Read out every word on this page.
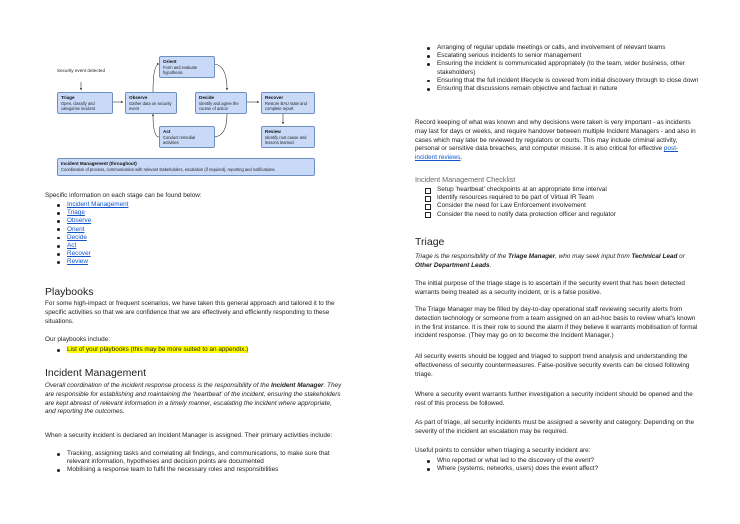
Security event detected
Triage
Open, classify and categorise incident
Observe
Gather data on security event
Orient
Form and evaluate hypothesis
Decide
Identify and agree the course of action
Act
Conduct remedial activities
Recover
Restore BAU state and complete report
Review
Identify root cause and lessons learned
Incident Management (throughout)
Coordination of process, communication with relevant stakeholders, escalation (if required), reporting and notifications.

Specific information on each stage can be found below:

Incident Management
Triage
Observe
Orient
Decide
Act
Recover
Review
Playbooks

For some high-impact or frequent scenarios, we have taken this general approach and tailored it to the specific activities so that we are confidence that we are effectively and efficiently responding to these situations.

Our playbooks include:

List of your playbooks (this may be more suited to an appendix.)
Incident Management

Overall coordination of the incident response process is the responsibility of the Incident Manager. They are responsible for establishing and maintaining the 'heartbeat' of the incident, ensuring the stakeholders are kept abreast of relevant information in a timely manner, escalating the incident where appropriate, and reporting the outcomes.

When a security incident is declared an Incident Manager is assigned. Their primary activities include:

Tracking, assigning tasks and correlating all findings, and communications, to make sure that relevant information, hypotheses and decision points are documented
Mobilising a response team to fulfil the necessary roles and responsibilities
Arranging of regular update meetings or calls, and involvement of relevant teams
Escalating serious incidents to senior management
Ensuring the incident is communicated appropriately (to the team, wider business, other stakeholders)
Ensuring that the full incident lifecycle is covered from initial discovery through to close down
Ensuring that discussions remain objective and factual in nature

Record keeping of what was known and why decisions were taken is very important - as incidents may last for days or weeks, and require handover between multiple Incident Managers - and also in cases which may later be reviewed by regulators or courts. This may include criminal activity, personal or sensitive data breaches, and computer misuse. It is also critical for effective post-incident reviews.

Incident Management Checklist
Setup 'heartbeat' checkpoints at an appropriate time interval
Identify resources required to be part of Virtual IR Team
Consider the need for Law Enforcement involvement
Consider the need to notify data protection officer and regulator
Triage

Triage is the responsibility of the Triage Manager, who may seek input from Technical Lead or Other Department Leads.

The initial purpose of the triage stage is to ascertain if the security event that has been detected warrants being treated as a security incident, or is a false positive.

The Triage Manager may be filled by day-to-day operational staff reviewing security alerts from detection technology or someone from a team assigned on an ad-hoc basis to review what's known in the first instance. It is their role to sound the alarm if they believe it warrants mobilisation of formal incident response. (They may go on to become the Incident Manager.)

All security events should be logged and triaged to support trend analysis and understanding the effectiveness of security countermeasures. False-positive security events can be closed following triage.

Where a security event warrants further investigation a security incident should be opened and the rest of this process be followed.

As part of triage, all security incidents must be assigned a severity and category. Depending on the severity of the incident an escalation may be required.

Useful points to consider when triaging a security incident are:

Who reported or what led to the discovery of the event?
Where (systems, networks, users) does the event affect?
